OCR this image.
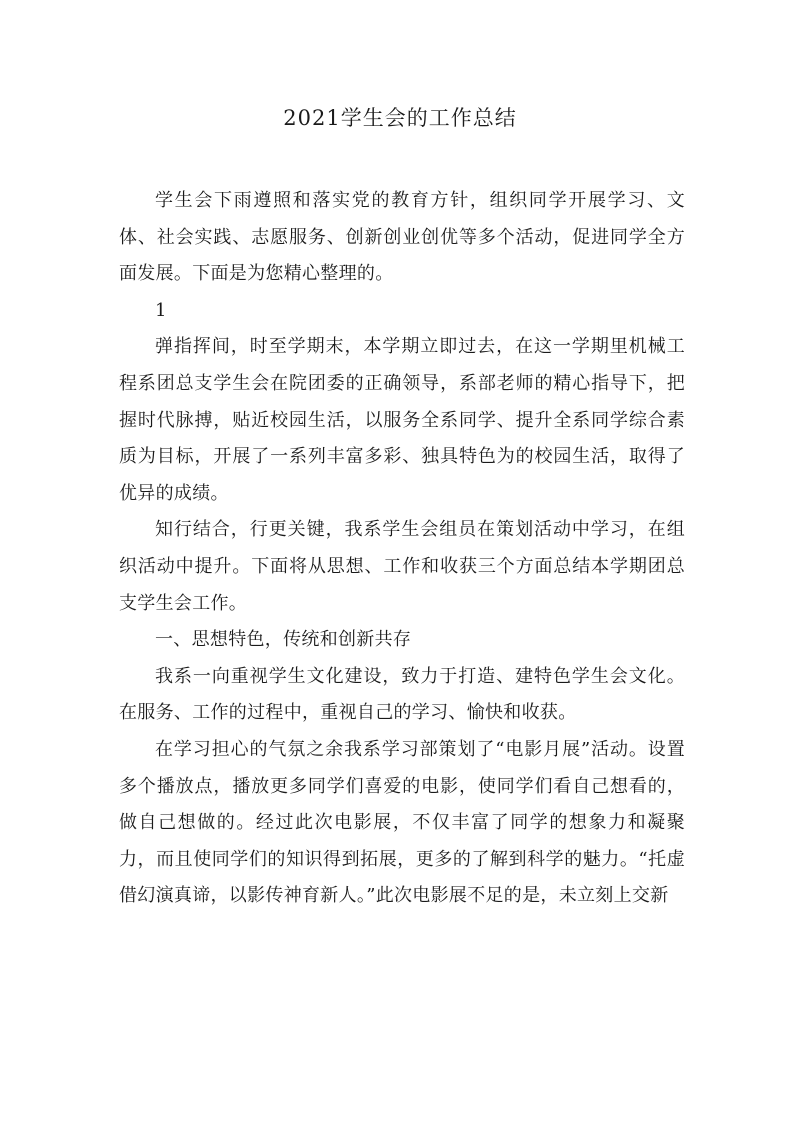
2021学生会的工作总结

学生会下雨遵照和落实党的教育方针，组织同学开展学习、文体、社会实践、志愿服务、创新创业创优等多个活动，促进同学全方面发展。下面是为您精心整理的。

1

弹指挥间，时至学期末，本学期立即过去，在这一学期里机械工程系团总支学生会在院团委的正确领导，系部老师的精心指导下，把握时代脉搏，贴近校园生活，以服务全系同学、提升全系同学综合素质为目标，开展了一系列丰富多彩、独具特色为的校园生活，取得了优异的成绩。

知行结合，行更关键，我系学生会组员在策划活动中学习，在组织活动中提升。下面将从思想、工作和收获三个方面总结本学期团总支学生会工作。

一、思想特色，传统和创新共存

我系一向重视学生文化建设，致力于打造、建特色学生会文化。在服务、工作的过程中，重视自己的学习、愉快和收获。

在学习担心的气氛之余我系学习部策划了“电影月展”活动。设置多个播放点，播放更多同学们喜爱的电影，使同学们看自己想看的，做自己想做的。经过此次电影展，不仅丰富了同学的想象力和凝聚力，而且使同学们的知识得到拓展，更多的了解到科学的魅力。“托虚借幻演真谛，以影传神育新人。”此次电影展不足的是，未立刻上交新
